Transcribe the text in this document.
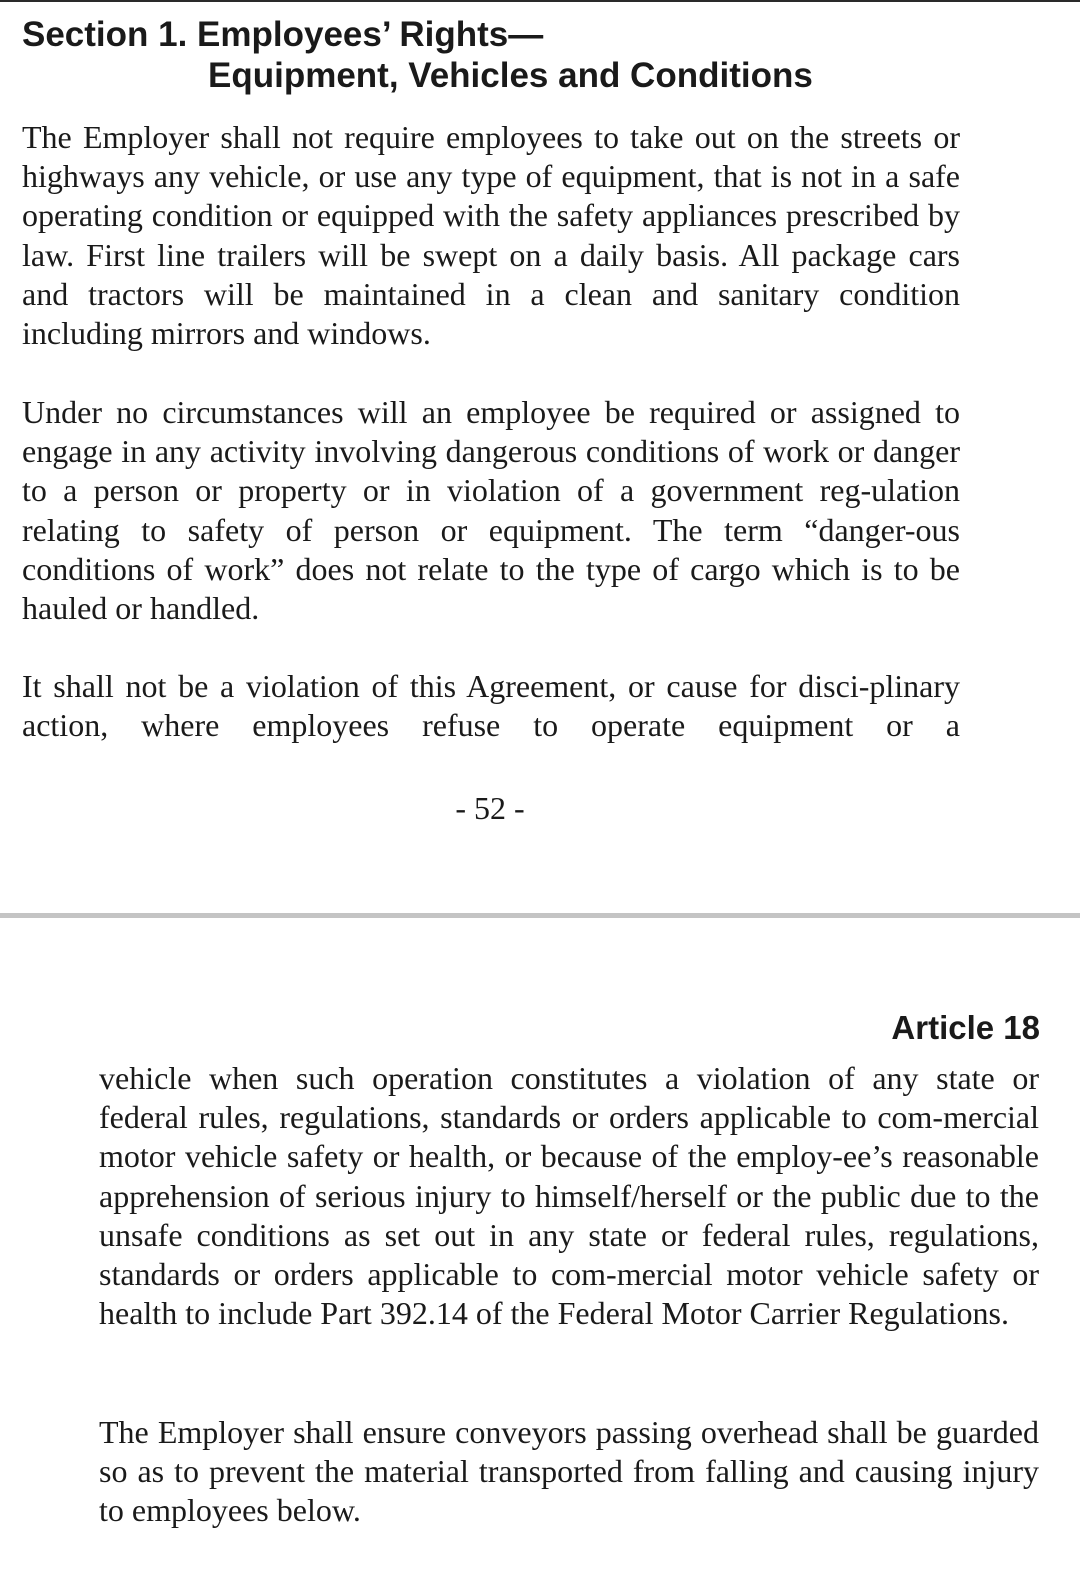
Section 1. Employees’ Rights—
Equipment, Vehicles and Conditions

The Employer shall not require employees to take out on the streets or highways any vehicle, or use any type of equipment, that is not in a safe operating condition or equipped with the safety appliances prescribed by law. First line trailers will be swept on a daily basis. All package cars and tractors will be maintained in a clean and sanitary condition including mirrors and windows.

Under no circumstances will an employee be required or assigned to engage in any activity involving dangerous conditions of work or danger to a person or property or in violation of a government reg-ulation relating to safety of person or equipment. The term “danger-ous conditions of work” does not relate to the type of cargo which is to be hauled or handled.

It shall not be a violation of this Agreement, or cause for disci-plinary action, where employees refuse to operate equipment or a

- 52 -
Article 18

vehicle when such operation constitutes a violation of any state or federal rules, regulations, standards or orders applicable to com-mercial motor vehicle safety or health, or because of the employ-ee’s reasonable apprehension of serious injury to himself/herself or the public due to the unsafe conditions as set out in any state or federal rules, regulations, standards or orders applicable to com-mercial motor vehicle safety or health to include Part 392.14 of the Federal Motor Carrier Regulations.

The Employer shall ensure conveyors passing overhead shall be guarded so as to prevent the material transported from falling and causing injury to employees below.
